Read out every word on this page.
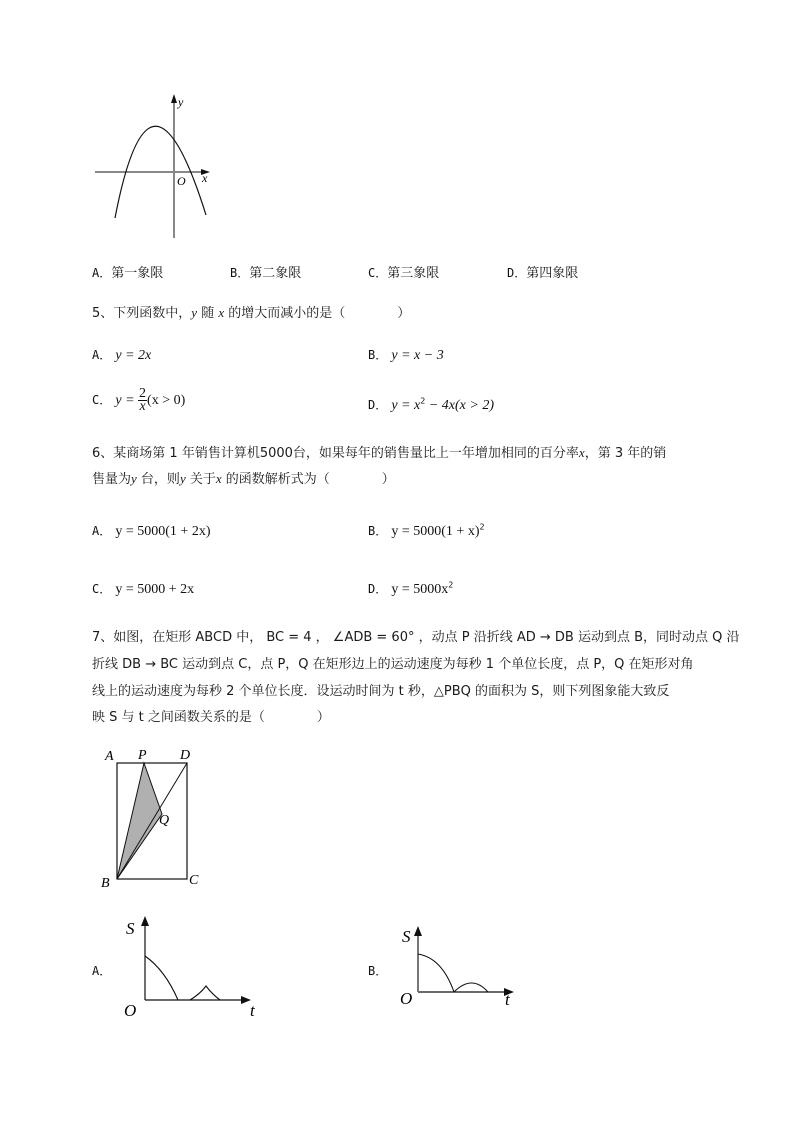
y
O x
A．第一象限	B．第二象限	C．第三象限	D．第四象限
5、下列函数中，y 随 x 的增大而减小的是（　　　　）
A． y = 2x	B． y = x − 3
C． $y = \frac{2}{x} (x > 0)$	D． $y = x^2 - 4x(x > 2)$
6、某商场第 1 年销售计算机5000台，如果每年的销售量比上一年增加相同的百分率x，第 3 年的销
售量为y 台，则y 关于x 的函数解析式为（　　　　）
A． y = 5000(1 + 2x)	B． $y = 5000(1 + x)^2$
C． y = 5000 + 2x	D． $y = 5000x^2$
7、如图，在矩形 ABCD 中， BC = 4 ， ∠ADB = 60° ，动点 P 沿折线 AD → DB 运动到点 B，同时动点 Q 沿
折线 DB → BC 运动到点 C，点 P，Q 在矩形边上的运动速度为每秒 1 个单位长度，点 P，Q 在矩形对角
线上的运动速度为每秒 2 个单位长度．设运动时间为 t 秒，△PBQ 的面积为 S，则下列图象能大致反
映 S 与 t 之间函数关系的是（　　　　）
A P D
Q
B	C
A．
S
O	t
B．
S
O	t
